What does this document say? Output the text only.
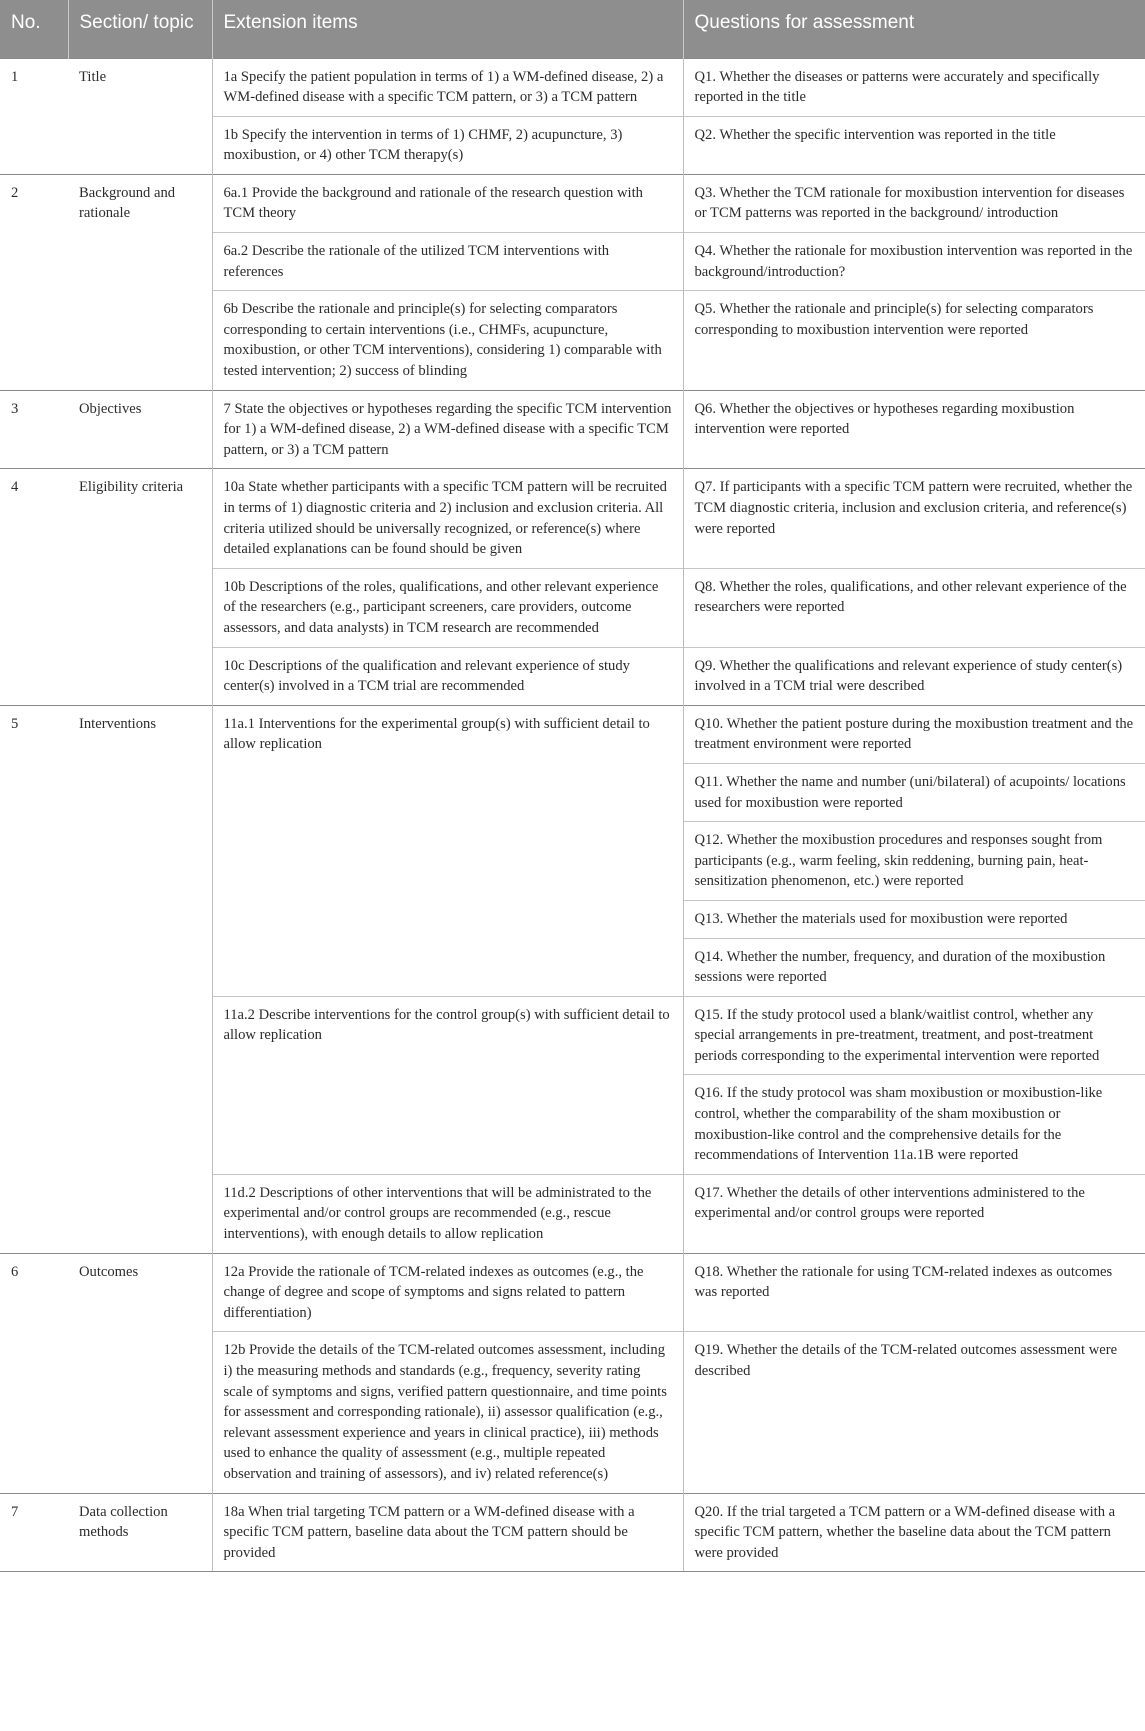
No.	Section/ topic	Extension items	Questions for assessment
1	Title	1a Specify the patient population in terms of 1) a WM-defined disease, 2) a WM-defined disease with a specific TCM pattern, or 3) a TCM pattern	Q1. Whether the diseases or patterns were accurately and specifically reported in the title
		1b Specify the intervention in terms of 1) CHMF, 2) acupuncture, 3) moxibustion, or 4) other TCM therapy(s)	Q2. Whether the specific intervention was reported in the title
2	Background and rationale	6a.1 Provide the background and rationale of the research question with TCM theory	Q3. Whether the TCM rationale for moxibustion intervention for diseases or TCM patterns was reported in the background/ introduction
		6a.2 Describe the rationale of the utilized TCM interventions with references	Q4. Whether the rationale for moxibustion intervention was reported in the background/introduction?
		6b Describe the rationale and principle(s) for selecting comparators corresponding to certain interventions (i.e., CHMFs, acupuncture, moxibustion, or other TCM interventions), considering 1) comparable with tested intervention; 2) success of blinding	Q5. Whether the rationale and principle(s) for selecting comparators corresponding to moxibustion intervention were reported
3	Objectives	7 State the objectives or hypotheses regarding the specific TCM intervention for 1) a WM-defined disease, 2) a WM-defined disease with a specific TCM pattern, or 3) a TCM pattern	Q6. Whether the objectives or hypotheses regarding moxibustion intervention were reported
4	Eligibility criteria	10a State whether participants with a specific TCM pattern will be recruited in terms of 1) diagnostic criteria and 2) inclusion and exclusion criteria. All criteria utilized should be universally recognized, or reference(s) where detailed explanations can be found should be given	Q7. If participants with a specific TCM pattern were recruited, whether the TCM diagnostic criteria, inclusion and exclusion criteria, and reference(s) were reported
		10b Descriptions of the roles, qualifications, and other relevant experience of the researchers (e.g., participant screeners, care providers, outcome assessors, and data analysts) in TCM research are recommended	Q8. Whether the roles, qualifications, and other relevant experience of the researchers were reported
		10c Descriptions of the qualification and relevant experience of study center(s) involved in a TCM trial are recommended	Q9. Whether the qualifications and relevant experience of study center(s) involved in a TCM trial were described
5	Interventions	11a.1 Interventions for the experimental group(s) with sufficient detail to allow replication	Q10. Whether the patient posture during the moxibustion treatment and the treatment environment were reported
			Q11. Whether the name and number (uni/bilateral) of acupoints/ locations used for moxibustion were reported
			Q12. Whether the moxibustion procedures and responses sought from participants (e.g., warm feeling, skin reddening, burning pain, heat-sensitization phenomenon, etc.) were reported
			Q13. Whether the materials used for moxibustion were reported
			Q14. Whether the number, frequency, and duration of the moxibustion sessions were reported
		11a.2 Describe interventions for the control group(s) with sufficient detail to allow replication	Q15. If the study protocol used a blank/waitlist control, whether any special arrangements in pre-treatment, treatment, and post-treatment periods corresponding to the experimental intervention were reported
			Q16. If the study protocol was sham moxibustion or moxibustion-like control, whether the comparability of the sham moxibustion or moxibustion-like control and the comprehensive details for the recommendations of Intervention 11a.1B were reported
		11d.2 Descriptions of other interventions that will be administrated to the experimental and/or control groups are recommended (e.g., rescue interventions), with enough details to allow replication	Q17. Whether the details of other interventions administered to the experimental and/or control groups were reported
6	Outcomes	12a Provide the rationale of TCM-related indexes as outcomes (e.g., the change of degree and scope of symptoms and signs related to pattern differentiation)	Q18. Whether the rationale for using TCM-related indexes as outcomes was reported
		12b Provide the details of the TCM-related outcomes assessment, including i) the measuring methods and standards (e.g., frequency, severity rating scale of symptoms and signs, verified pattern questionnaire, and time points for assessment and corresponding rationale), ii) assessor qualification (e.g., relevant assessment experience and years in clinical practice), iii) methods used to enhance the quality of assessment (e.g., multiple repeated observation and training of assessors), and iv) related reference(s)	Q19. Whether the details of the TCM-related outcomes assessment were described
7	Data collection methods	18a When trial targeting TCM pattern or a WM-defined disease with a specific TCM pattern, baseline data about the TCM pattern should be provided	Q20. If the trial targeted a TCM pattern or a WM-defined disease with a specific TCM pattern, whether the baseline data about the TCM pattern were provided
